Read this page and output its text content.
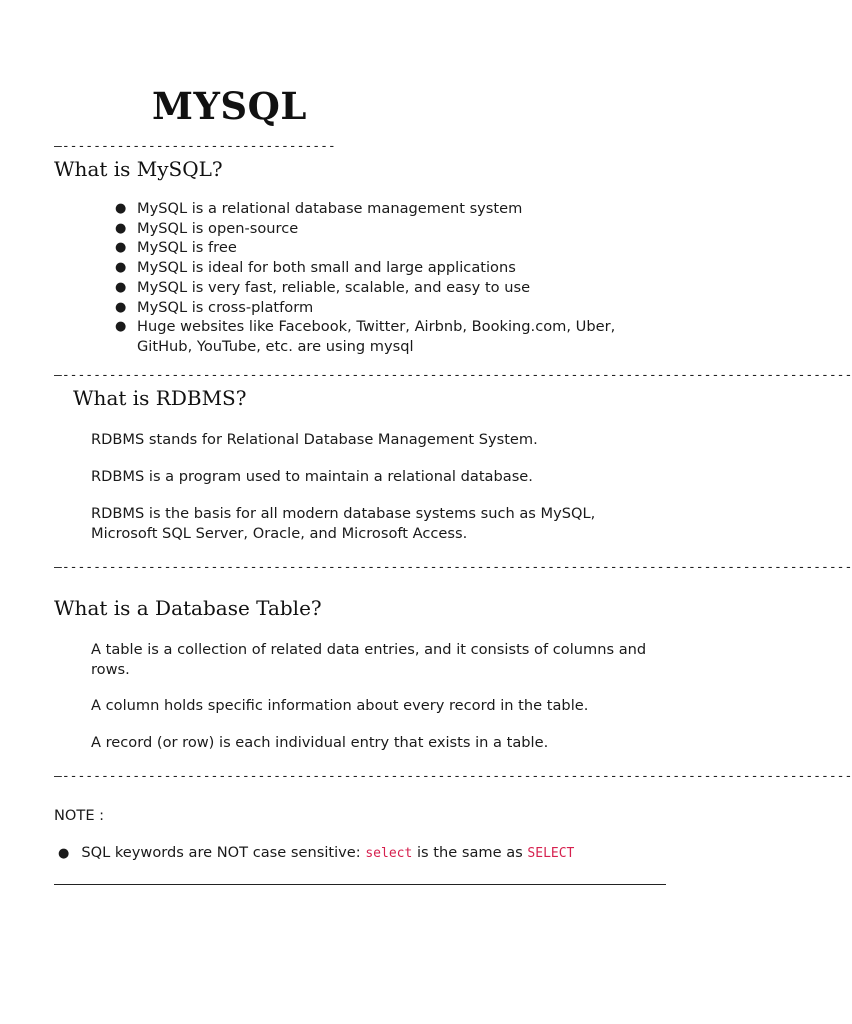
MYSQL
—-----------------------------------
What is MySQL?
● MySQL is a relational database management system
● MySQL is open-source
● MySQL is free
● MySQL is ideal for both small and large applications
● MySQL is very fast, reliable, scalable, and easy to use
● MySQL is cross-platform
● Huge websites like Facebook, Twitter, Airbnb, Booking.com, Uber,
GitHub, YouTube, etc. are using mysql
—-----------------------------------------------------------------------------------------------------
What is RDBMS?
RDBMS stands for Relational Database Management System.
RDBMS is a program used to maintain a relational database.
RDBMS is the basis for all modern database systems such as MySQL,
Microsoft SQL Server, Oracle, and Microsoft Access.
—-----------------------------------------------------------------------------------------------------
What is a Database Table?
A table is a collection of related data entries, and it consists of columns and
rows.
A column holds specific information about every record in the table.
A record (or row) is each individual entry that exists in a table.
—-----------------------------------------------------------------------------------------------------
NOTE :
● SQL keywords are NOT case sensitive: select is the same as SELECT
